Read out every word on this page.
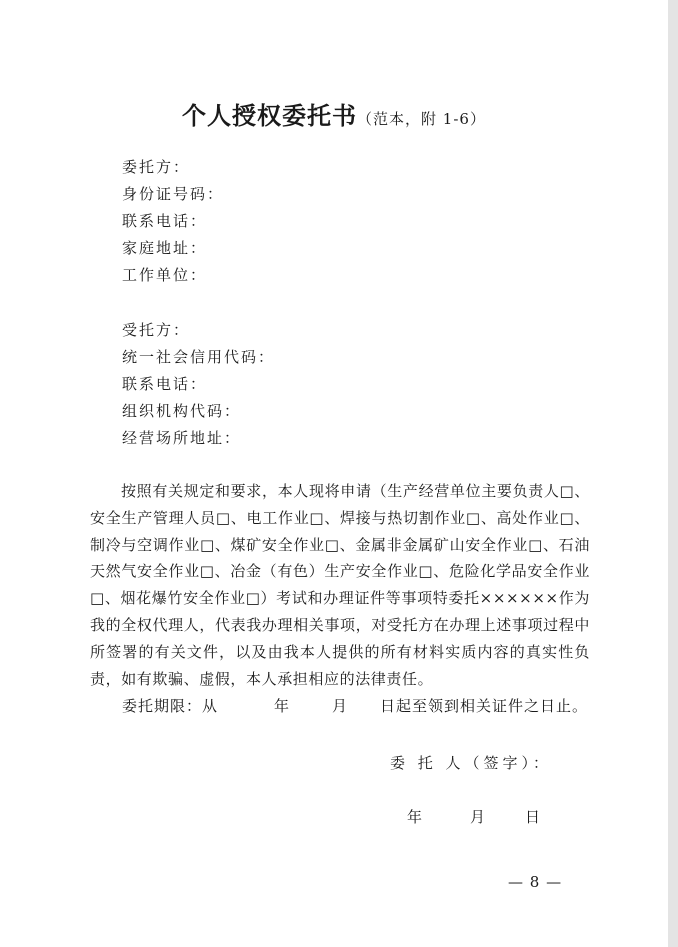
个人授权委托书（范本，附 1-6）
委托方：
身份证号码：
联系电话：
家庭地址：
工作单位：
受托方：
统一社会信用代码：
联系电话：
组织机构代码：
经营场所地址：
按照有关规定和要求，本人现将申请（生产经营单位主要负责人□、安全生产管理人员□、电工作业□、焊接与热切割作业□、高处作业□、制冷与空调作业□、煤矿安全作业□、金属非金属矿山安全作业□、石油天然气安全作业□、冶金（有色）生产安全作业□、危险化学品安全作业□、烟花爆竹安全作业□）考试和办理证件等事项特委托××××××作为我的全权代理人，代表我办理相关事项，对受托方在办理上述事项过程中所签署的有关文件，以及由我本人提供的所有材料实质内容的真实性负责，如有欺骗、虚假，本人承担相应的法律责任。
委托期限：从	年	月 日起至领到相关证件之日止。
委 托 人（签字）：
年	月	日
— 8 —
